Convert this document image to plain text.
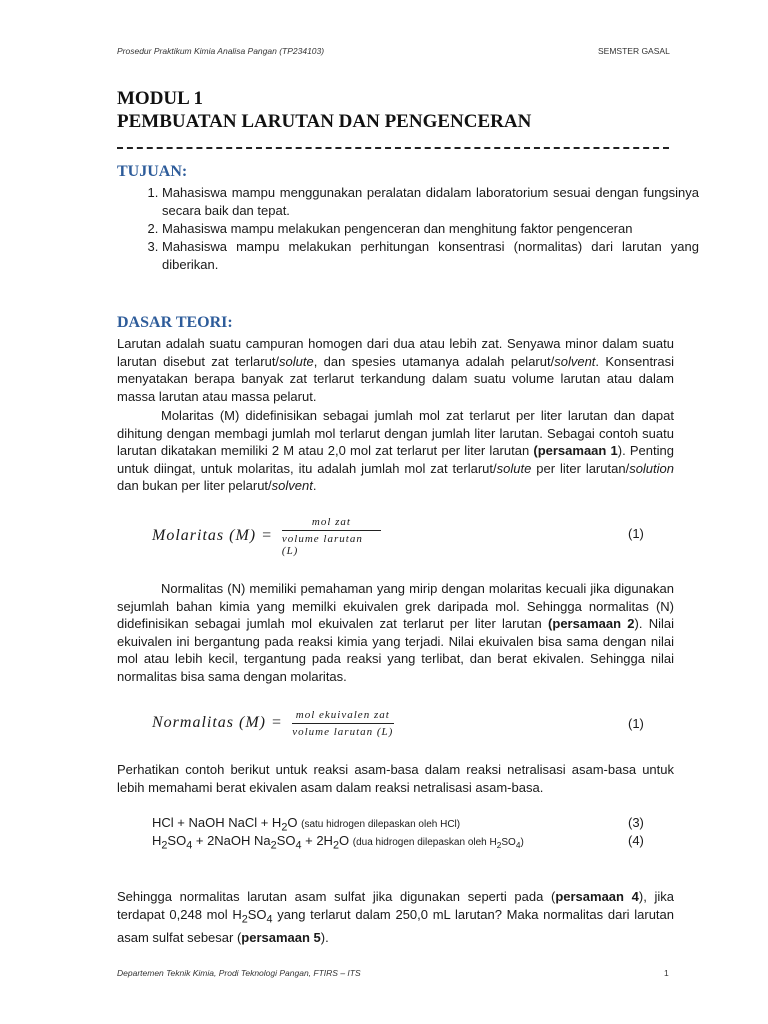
Prosedur Praktikum Kimia Analisa Pangan (TP234103)	SEMSTER GASAL
MODUL 1
PEMBUATAN LARUTAN DAN PENGENCERAN
TUJUAN:
1. Mahasiswa mampu menggunakan peralatan didalam laboratorium sesuai dengan fungsinya secara baik dan tepat.
2. Mahasiswa mampu melakukan pengenceran dan menghitung faktor pengenceran
3. Mahasiswa mampu melakukan perhitungan konsentrasi (normalitas) dari larutan yang diberikan.
DASAR TEORI:
Larutan adalah suatu campuran homogen dari dua atau lebih zat. Senyawa minor dalam suatu larutan disebut zat terlarut/solute, dan spesies utamanya adalah pelarut/solvent. Konsentrasi menyatakan berapa banyak zat terlarut terkandung dalam suatu volume larutan atau dalam massa larutan atau massa pelarut.
Molaritas (M) didefinisikan sebagai jumlah mol zat terlarut per liter larutan dan dapat dihitung dengan membagi jumlah mol terlarut dengan jumlah liter larutan. Sebagai contoh suatu larutan dikatakan memiliki 2 M atau 2,0 mol zat terlarut per liter larutan (persamaan 1). Penting untuk diingat, untuk molaritas, itu adalah jumlah mol zat terlarut/solute per liter larutan/solution dan bukan per liter pelarut/solvent.
Molaritas (M) =
mol zat
volume larutan
(L)
(1)
Normalitas (N) memiliki pemahaman yang mirip dengan molaritas kecuali jika digunakan sejumlah bahan kimia yang memilki ekuivalen grek daripada mol. Sehingga normalitas (N) didefinisikan sebagai jumlah mol ekuivalen zat terlarut per liter larutan (persamaan 2). Nilai ekuivalen ini bergantung pada reaksi kimia yang terjadi. Nilai ekuivalen bisa sama dengan nilai mol atau lebih kecil, tergantung pada reaksi yang terlibat, dan berat ekivalen. Sehingga nilai normalitas bisa sama dengan molaritas.
Normalitas $(M) = \frac{\text{mol ekuivalen zat}}{\text{volume larutan (L)}}$	(1)
Perhatikan contoh berikut untuk reaksi asam-basa dalam reaksi netralisasi asam-basa untuk lebih memahami berat ekivalen asam dalam reaksi netralisasi asam-basa.
HCl + NaOH NaCl + $H_2O$ (satu hidrogen dilepaskan oleh HCl)	(3)
$H_2SO_4$ + 2NaOH $Na_2SO_4 + 2H_2O$ (dua hidrogen dilepaskan oleh $H_2SO_4$)	(4)
Sehingga normalitas larutan asam sulfat jika digunakan seperti pada (persamaan 4), jika terdapat 0,248 mol $H_2SO_4$ yang terlarut dalam 250,0 mL larutan? Maka normalitas dari larutan asam sulfat sebesar (persamaan 5).
Departemen Teknik Kimia, Prodi Teknologi Pangan, FTIRS – ITS	1
